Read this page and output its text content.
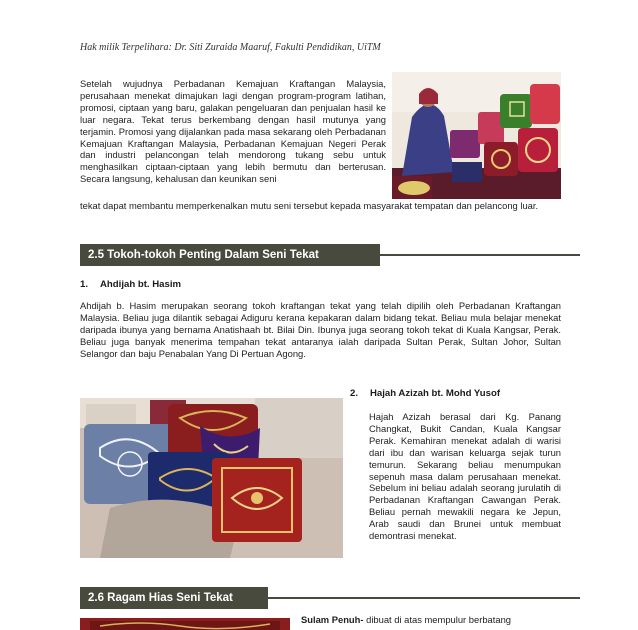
Hak milik Terpelihara: Dr. Siti Zuraida Maaruf, Fakulti Pendidikan, UiTM

Setelah wujudnya Perbadanan Kemajuan Kraftangan Malaysia, perusahaan menekat dimajukan lagi dengan program-program latihan, promosi, ciptaan yang baru, galakan pengeluaran dan penjualan hasil ke luar negara. Tekat terus berkembang dengan hasil mutunya yang terjamin. Promosi yang dijalankan pada masa sekarang oleh Perbadanan Kemajuan Kraftangan Malaysia, Perbadanan Kemajuan Negeri Perak dan industri pelancongan telah mendorong tukang sebu untuk menghasilkan ciptaan-ciptaan yang lebih bermutu dan berterusan. Secara langsung, kehalusan dan keunikan seni

tekat dapat membantu memperkenalkan mutu seni tersebut kepada masyarakat tempatan dan pelancong luar.

2.5 Tokoh-tokoh Penting Dalam Seni Tekat
1. Ahdijah bt. Hasim

Ahdijah b. Hasim merupakan seorang tokoh kraftangan tekat yang telah dipilih oleh Perbadanan Kraftangan Malaysia. Beliau juga dilantik sebagai Adiguru kerana kepakaran dalam bidang tekat. Beliau mula belajar menekat daripada ibunya yang bernama Anatishaah bt. Bilai Din. Ibunya juga seorang tokoh tekat di Kuala Kangsar, Perak. Beliau juga banyak menerima tempahan tekat antaranya ialah daripada Sultan Perak, Sultan Johor, Sultan Selangor dan baju Penabalan Yang Di Pertuan Agong.

2. Hajah Azizah bt. Mohd Yusof

Hajah Azizah berasal dari Kg. Panang Changkat, Bukit Candan, Kuala Kangsar Perak. Kemahiran menekat adalah di warisi dari ibu dan warisan keluarga sejak turun temurun. Sekarang beliau menumpukan sepenuh masa dalam perusahaan menekat. Sebelum ini beliau adalah seorang jurulatih di Perbadanan Kraftangan Cawangan Perak. Beliau pernah mewakili negara ke Jepun, Arab saudi dan Brunei untuk membuat demontrasi menekat.

2.6 Ragam Hias Seni Tekat

Sulam Penuh- dibuat di atas mempulur berbatang
